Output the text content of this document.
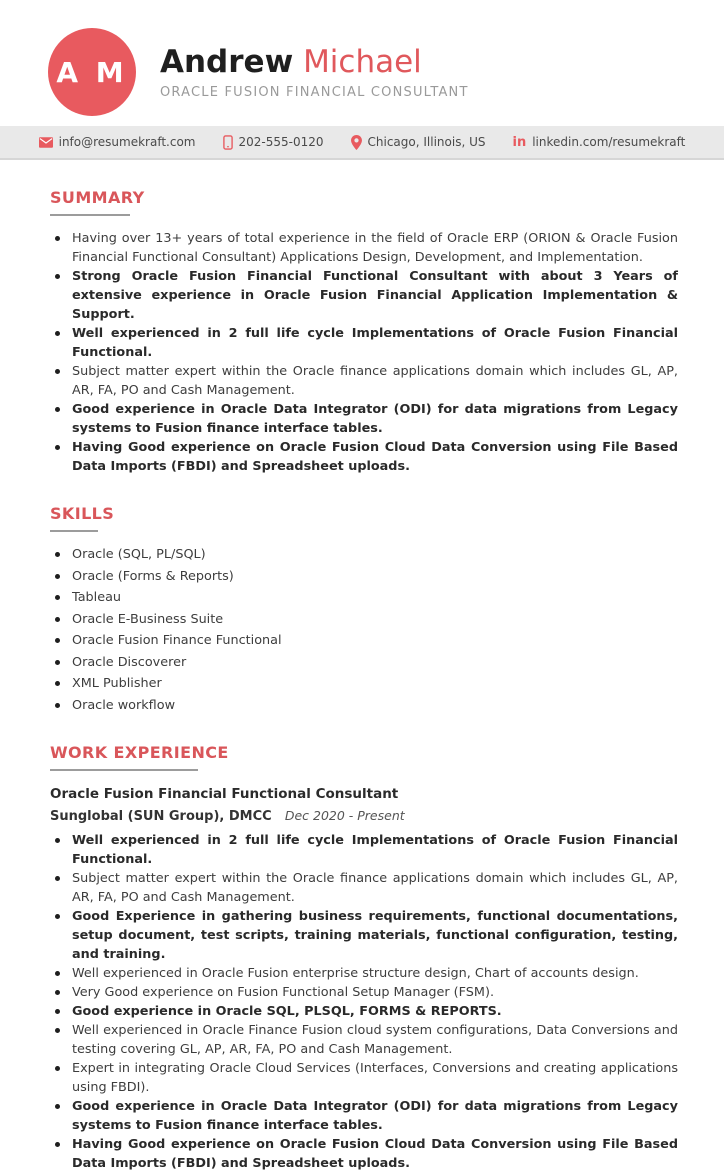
A M Andrew Michael
ORACLE FUSION FINANCIAL CONSULTANT
info@resumekraft.com	202-555-0120	Chicago, Illinois, US in linkedin.com/resumekraft
SUMMARY
Having over 13+ years of total experience in the field of Oracle ERP (ORION & Oracle Fusion Financial Functional Consultant) Applications Design, Development, and Implementation.
Strong Oracle Fusion Financial Functional Consultant with about 3 Years of extensive experience in Oracle Fusion Financial Application Implementation & Support.
Well experienced in 2 full life cycle Implementations of Oracle Fusion Financial Functional.
Subject matter expert within the Oracle finance applications domain which includes GL, AP, AR, FA, PO and Cash Management.
Good experience in Oracle Data Integrator (ODI) for data migrations from Legacy systems to Fusion finance interface tables.
Having Good experience on Oracle Fusion Cloud Data Conversion using File Based Data Imports (FBDI) and Spreadsheet uploads.
SKILLS
Oracle (SQL, PL/SQL)
Oracle (Forms & Reports)
Tableau
Oracle E-Business Suite
Oracle Fusion Finance Functional
Oracle Discoverer
XML Publisher
Oracle workflow
WORK EXPERIENCE
Oracle Fusion Financial Functional Consultant
Sunglobal (SUN Group), DMCC Dec 2020 - Present
Well experienced in 2 full life cycle Implementations of Oracle Fusion Financial Functional.
Subject matter expert within the Oracle finance applications domain which includes GL, AP, AR, FA, PO and Cash Management.
Good Experience in gathering business requirements, functional documentations, setup document, test scripts, training materials, functional configuration, testing, and training.
Well experienced in Oracle Fusion enterprise structure design, Chart of accounts design.
Very Good experience on Fusion Functional Setup Manager (FSM).
Good experience in Oracle SQL, PLSQL, FORMS & REPORTS.
Well experienced in Oracle Finance Fusion cloud system configurations, Data Conversions and testing covering GL, AP, AR, FA, PO and Cash Management.
Expert in integrating Oracle Cloud Services (Interfaces, Conversions and creating applications using FBDI).
Good experience in Oracle Data Integrator (ODI) for data migrations from Legacy systems to Fusion finance interface tables.
Having Good experience on Oracle Fusion Cloud Data Conversion using File Based Data Imports (FBDI) and Spreadsheet uploads.
